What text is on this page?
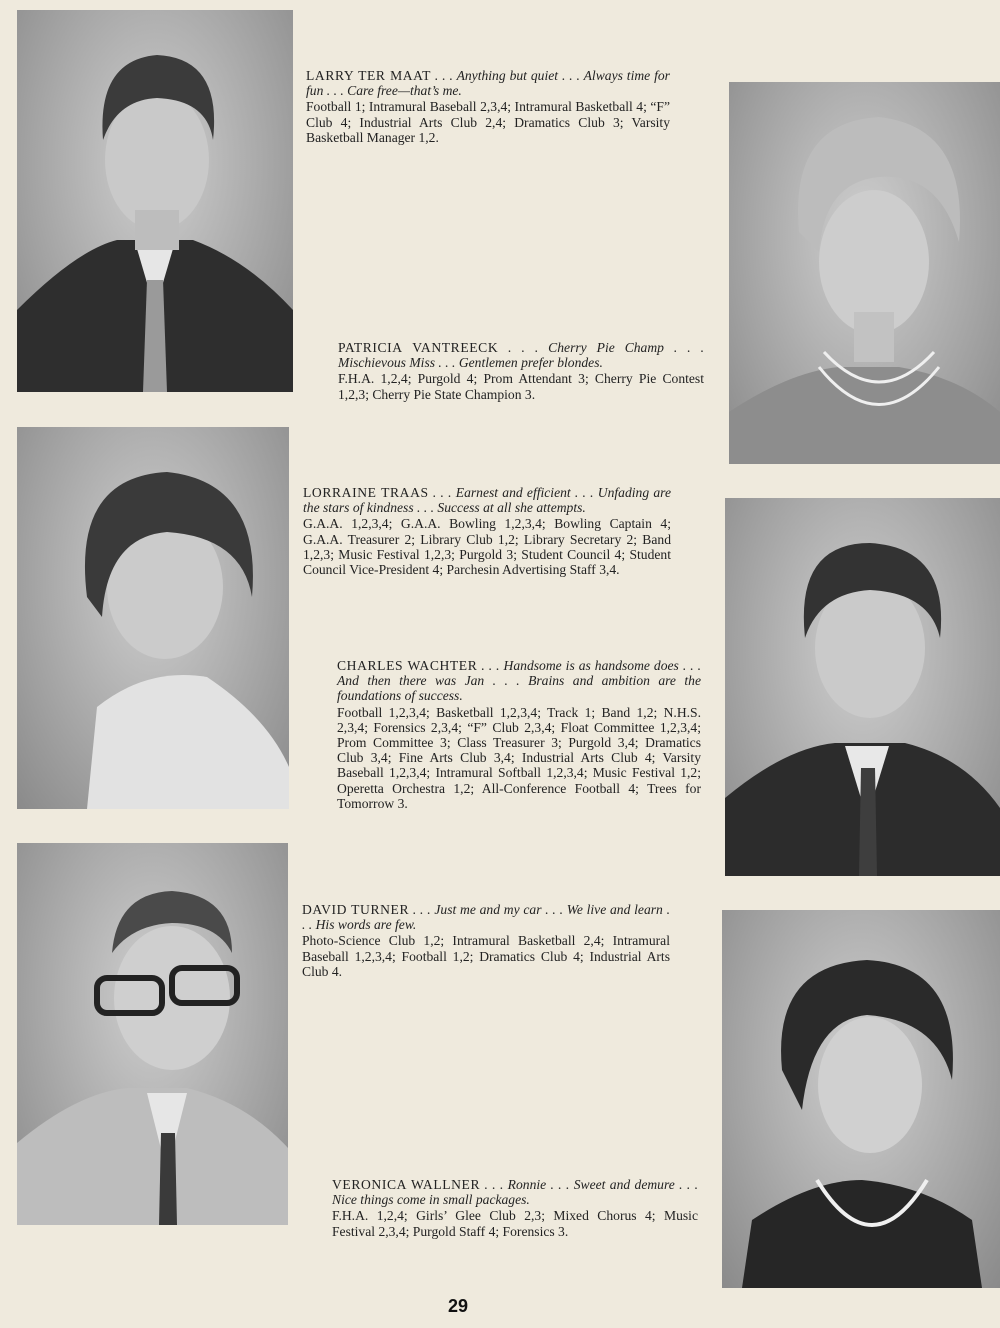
LARRY TER MAAT . . . Anything but quiet . . . Always time for fun . . . Care free—that’s me.
Football 1; Intramural Baseball 2,3,4; Intramural Basketball 4; “F” Club 4; Industrial Arts Club 2,4; Dramatics Club 3; Varsity Basketball Manager 1,2.
PATRICIA VANTREECK . . . Cherry Pie Champ . . . Mischievous Miss . . . Gentlemen prefer blondes.
F.H.A. 1,2,4; Purgold 4; Prom Attendant 3; Cherry Pie Contest 1,2,3; Cherry Pie State Champion 3.
LORRAINE TRAAS . . . Earnest and efficient . . . Unfading are the stars of kindness . . . Success at all she attempts.
G.A.A. 1,2,3,4; G.A.A. Bowling 1,2,3,4; Bowling Captain 4; G.A.A. Treasurer 2; Library Club 1,2; Library Secretary 2; Band 1,2,3; Music Festival 1,2,3; Purgold 3; Student Council 4; Student Council Vice-President 4; Parchesin Advertising Staff 3,4.
CHARLES WACHTER . . . Handsome is as handsome does . . . And then there was Jan . . . Brains and ambition are the foundations of success.
Football 1,2,3,4; Basketball 1,2,3,4; Track 1; Band 1,2; N.H.S. 2,3,4; Forensics 2,3,4; “F” Club 2,3,4; Float Committee 1,2,3,4; Prom Committee 3; Class Treasurer 3; Purgold 3,4; Dramatics Club 3,4; Fine Arts Club 3,4; Industrial Arts Club 4; Varsity Baseball 1,2,3,4; Intramural Softball 1,2,3,4; Music Festival 1,2; Operetta Orchestra 1,2; All-Conference Football 4; Trees for Tomorrow 3.
DAVID TURNER . . . Just me and my car . . . We live and learn . . . His words are few.
Photo-Science Club 1,2; Intramural Basketball 2,4; Intramural Baseball 1,2,3,4; Football 1,2; Dramatics Club 4; Industrial Arts Club 4.
VERONICA WALLNER . . . Ronnie . . . Sweet and demure . . . Nice things come in small packages.
F.H.A. 1,2,4; Girls’ Glee Club 2,3; Mixed Chorus 4; Music Festival 2,3,4; Purgold Staff 4; Forensics 3.
29
